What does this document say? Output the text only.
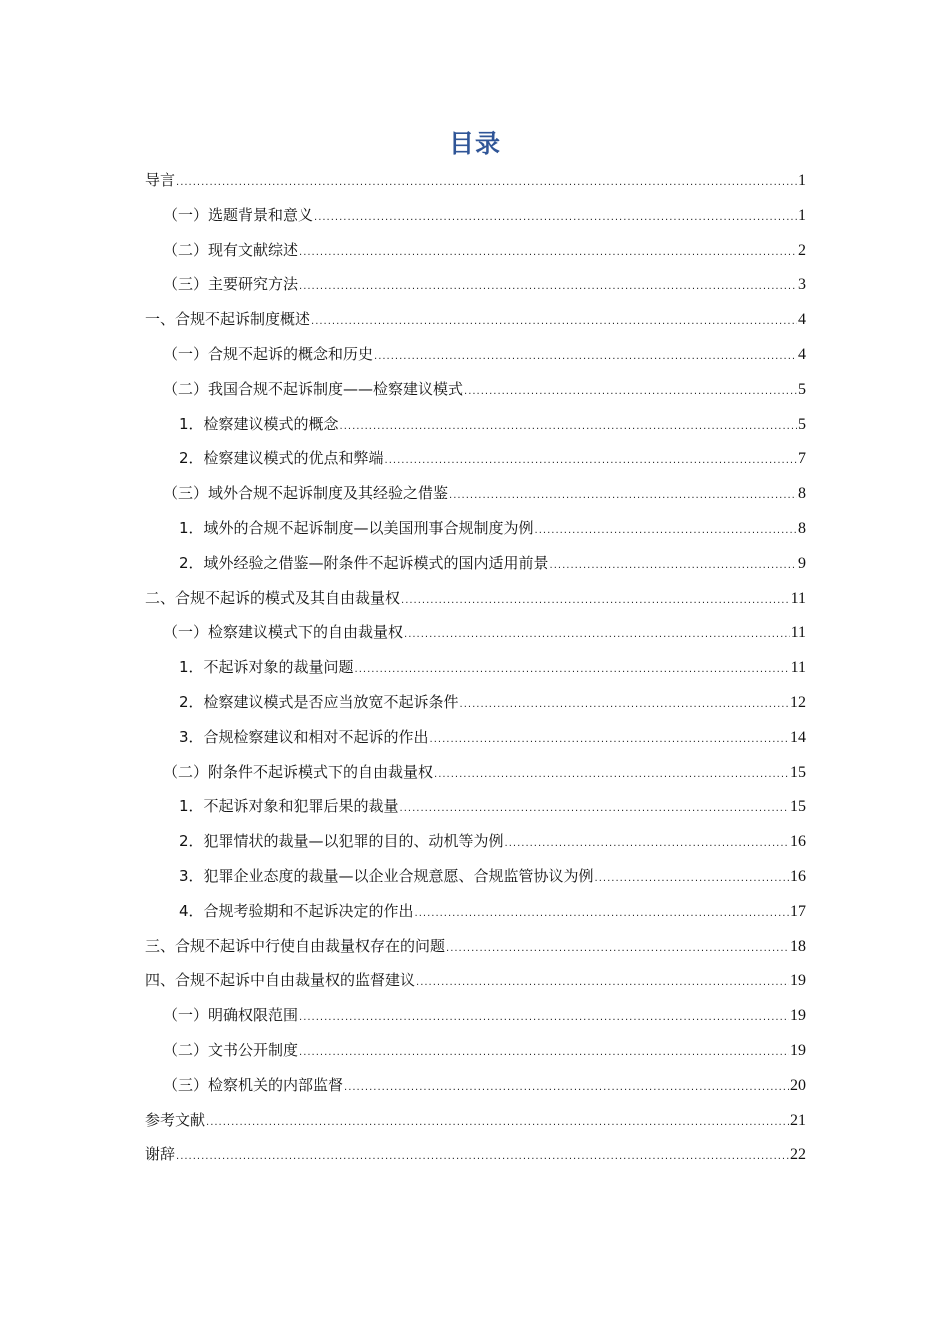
目录
导言 .....	1
（一）选题背景和意义 .....	1
（二）现有文献综述 .....	2
（三）主要研究方法 .....	3
一、合规不起诉制度概述 .....	4
（一）合规不起诉的概念和历史 .....	4
（二）我国合规不起诉制度——检察建议模式 .....	5
1．检察建议模式的概念 .....	5
2．检察建议模式的优点和弊端 .....	7
（三）域外合规不起诉制度及其经验之借鉴 .....	8
1．域外的合规不起诉制度—以美国刑事合规制度为例 .....	8
2．域外经验之借鉴—附条件不起诉模式的国内适用前景 .....	9
二、合规不起诉的模式及其自由裁量权 .....	11
（一）检察建议模式下的自由裁量权 .....	11
1．不起诉对象的裁量问题 .....	11
2．检察建议模式是否应当放宽不起诉条件 .....	12
3．合规检察建议和相对不起诉的作出 .....	14
（二）附条件不起诉模式下的自由裁量权 .....	15
1．不起诉对象和犯罪后果的裁量 .....	15
2．犯罪情状的裁量—以犯罪的目的、动机等为例 .....	16
3．犯罪企业态度的裁量—以企业合规意愿、合规监管协议为例 .....	16
4．合规考验期和不起诉决定的作出 .....	17
三、合规不起诉中行使自由裁量权存在的问题 .....	18
四、合规不起诉中自由裁量权的监督建议 .....	19
（一）明确权限范围 .....	19
（二）文书公开制度 .....	19
（三）检察机关的内部监督 .....	20
参考文献 .....	21
谢辞 .....	22
